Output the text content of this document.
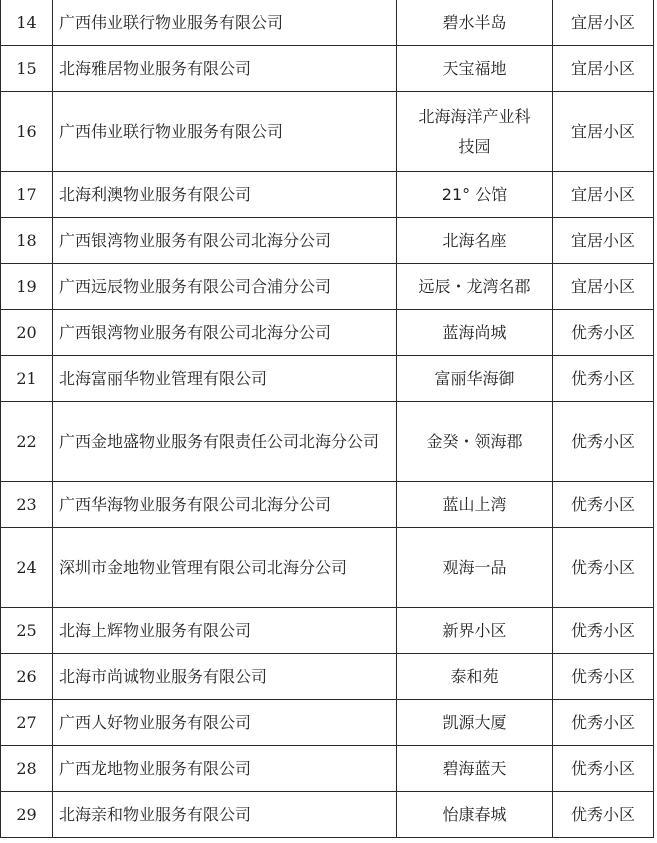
14	广西伟业联行物业服务有限公司	碧水半岛	宜居小区
15	北海雅居物业服务有限公司	天宝福地	宜居小区
16	广西伟业联行物业服务有限公司	北海海洋产业科技园	宜居小区
17	北海利澳物业服务有限公司	21° 公馆	宜居小区
18	广西银湾物业服务有限公司北海分公司	北海名座	宜居小区
19	广西远辰物业服务有限公司合浦分公司	远辰・龙湾名郡	宜居小区
20	广西银湾物业服务有限公司北海分公司	蓝海尚城	优秀小区
21	北海富丽华物业管理有限公司	富丽华海御	优秀小区
22	广西金地盛物业服务有限责任公司北海分公司	金癸・领海郡	优秀小区
23	广西华海物业服务有限公司北海分公司	蓝山上湾	优秀小区
24	深圳市金地物业管理有限公司北海分公司	观海一品	优秀小区
25	北海上辉物业服务有限公司	新界小区	优秀小区
26	北海市尚诚物业服务有限公司	泰和苑	优秀小区
27	广西人好物业服务有限公司	凯源大厦	优秀小区
28	广西龙地物业服务有限公司	碧海蓝天	优秀小区
29	北海亲和物业服务有限公司	怡康春城	优秀小区
